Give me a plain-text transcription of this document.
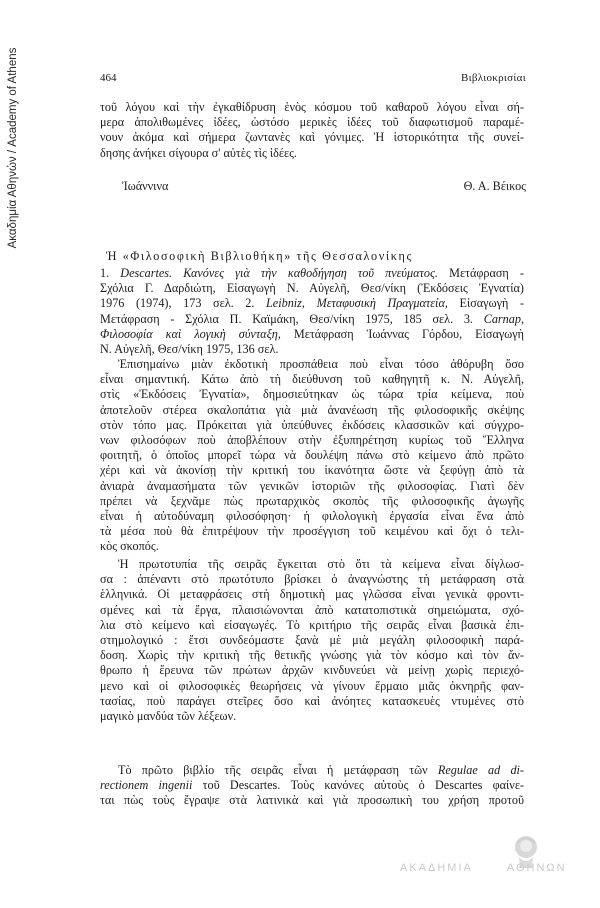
Ακαδημία Αθηνών / Academy of Athens	464	Βιβλιοκρισίαι
τοῦ λόγου καὶ τὴν ἐγκαθίδρυση ἑνὸς κόσμου τοῦ καθαροῦ λόγου εἶναι σή-
μερα ἀπολιθωμένες ἰδέες, ὡστόσο μερικὲς ἰδέες τοῦ διαφωτισμοῦ παραμέ-
νουν ἀκόμα καὶ σήμερα ζωντανὲς καὶ γόνιμες. Ἡ ἱστορικότητα τῆς συνεί-
δησης ἀνήκει σίγουρα σ' αὐτὲς τὶς ἰδέες.
Ἰωάννινα	Θ. Α. Βέικος
Ἡ «Φιλοσοφικὴ Βιβλιοθήκη» τῆς Θεσσαλονίκης
1. Descartes. Κανόνες γιὰ τὴν καθοδήγηση τοῦ πνεύματος. Μετάφραση -
Σχόλια Γ. Δαρδιώτη, Εἰσαγωγὴ Ν. Αὐγελῆ, Θεσ/νίκη (Ἐκδόσεις Ἐγνατία)
1976 (1974), 173 σελ. 2. Leibniz, Μεταφυσικὴ Πραγματεία, Εἰσαγωγὴ -
Μετάφραση - Σχόλια Π. Καϊμάκη, Θεσ/νίκη 1975, 185 σελ. 3. Carnap,
Φιλοσοφία καὶ λογικὴ σύνταξη, Μετάφραση Ἰωάννας Γόρδου, Εἰσαγωγὴ
Ν. Αὐγελῆ, Θεσ/νίκη 1975, 136 σελ.
Ἐπισημαίνω μιὰν ἐκδοτικὴ προσπάθεια ποὺ εἶναι τόσο ἀθόρυβη ὅσο
εἶναι σημαντική. Κάτω ἀπὸ τὴ διεύθυνση τοῦ καθηγητῆ κ. Ν. Αὐγελῆ,
στὶς «Ἐκδόσεις Ἐγνατία», δημοσιεύτηκαν ὡς τώρα τρία κείμενα, ποὺ
ἀποτελοῦν στέρεα σκαλοπάτια γιὰ μιὰ ἀνανέωση τῆς φιλοσοφικῆς σκέψης
στὸν τόπο μας. Πρόκειται γιὰ ὑπεύθυνες ἐκδόσεις κλασσικῶν καὶ σύγχρο-
νων φιλοσόφων ποὺ ἀποβλέπουν στὴν ἐξυπηρέτηση κυρίως τοῦ Ἕλληνα
φοιτητῆ, ὁ ὁποῖος μπορεῖ τώρα νὰ δουλέψη πάνω στὸ κείμενο ἀπὸ πρῶτο
χέρι καὶ νὰ ἀκονίσῃ τὴν κριτική του ἱκανότητα ὥστε νὰ ξεφύγῃ ἀπὸ τὰ
ἀνιαρὰ ἀναμασήματα τῶν γενικῶν ἱστοριῶν τῆς φιλοσοφίας. Γιατὶ δὲν
πρέπει νὰ ξεχνᾶμε πὼς πρωταρχικὸς σκοπὸς τῆς φιλοσοφικῆς ἀγωγῆς
εἶναι ἡ αὐτοδύναμη φιλοσόφηση· ἡ φιλολογικὴ ἐργασία εἶναι ἕνα ἀπὸ
τὰ μέσα ποὺ θὰ ἐπιτρέψουν τὴν προσέγγιση τοῦ κειμένου καὶ ὄχι ὁ τελι-
κὸς σκοπός.
Ἡ πρωτοτυπία τῆς σειρᾶς ἔγκειται στὸ ὅτι τὰ κείμενα εἶναι δίγλωσ-
σα : ἀπέναντι στὸ πρωτότυπο βρίσκει ὁ ἀναγνώστης τὴ μετάφραση στὰ
ἑλληνικά. Οἱ μεταφράσεις στὴ δημοτικὴ μας γλῶσσα εἶναι γενικὰ φροντι-
σμένες καὶ τὰ ἔργα, πλαισιώνονται ἀπὸ κατατοπιστικὰ σημειώματα, σχό-
λια στὸ κείμενο καὶ εἰσαγωγές. Τὸ κριτήριο τῆς σειρᾶς εἶναι βασικὰ ἐπι-
στημολογικό : ἔτσι συνδεόμαστε ξανὰ μὲ μιὰ μεγάλη φιλοσοφικὴ παρά-
δοση. Χωρὶς τὴν κριτικὴ τῆς θετικῆς γνώσης γιὰ τὸν κόσμο καὶ τὸν ἄν-
θρωπο ἡ ἔρευνα τῶν πρώτων ἀρχῶν κινδυνεύει νὰ μείνῃ χωρὶς περιεχό-
μενο καὶ οἱ φιλοσοφικὲς θεωρήσεις νὰ γίνουν ἕρμαιο μιᾶς ὀκνηρῆς φαν-
τασίας, ποὺ παράγει στεῖρες ὅσο καὶ ἀνόητες κατασκευὲς ντυμένες στὸ
μαγικὸ μανδύα τῶν λέξεων.
Τὸ πρῶτο βιβλίο τῆς σειρᾶς εἶναι ἡ μετάφραση τῶν Regulae ad di-
rectionem ingenii τοῦ Descartes. Τοὺς κανόνες αὐτοὺς ὁ Descartes φαίνε-
ται πὼς τοὺς ἔγραψε στὰ λατινικὰ καὶ γιὰ προσωπικὴ του χρήση προτοῦ
ΑΚΑΔΗΜΙΑ	ΑΘΗΝΩΝ
